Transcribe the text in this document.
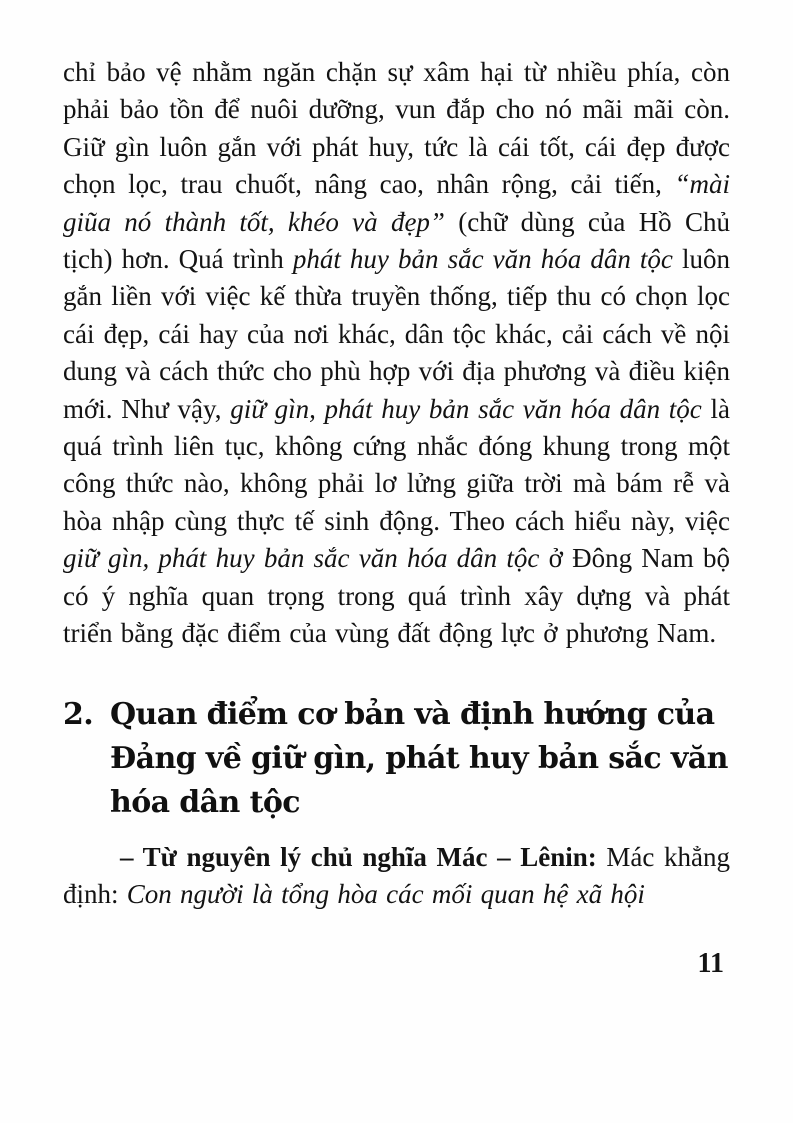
chỉ bảo vệ nhằm ngăn chặn sự xâm hại từ nhiều phía, còn phải bảo tồn để nuôi dưỡng, vun đắp cho nó mãi mãi còn. Giữ gìn luôn gắn với phát huy, tức là cái tốt, cái đẹp được chọn lọc, trau chuốt, nâng cao, nhân rộng, cải tiến, “mài giũa nó thành tốt, khéo và đẹp” (chữ dùng của Hồ Chủ tịch) hơn. Quá trình phát huy bản sắc văn hóa dân tộc luôn gắn liền với việc kế thừa truyền thống, tiếp thu có chọn lọc cái đẹp, cái hay của nơi khác, dân tộc khác, cải cách về nội dung và cách thức cho phù hợp với địa phương và điều kiện mới. Như vậy, giữ gìn, phát huy bản sắc văn hóa dân tộc là quá trình liên tục, không cứng nhắc đóng khung trong một công thức nào, không phải lơ lửng giữa trời mà bám rễ và hòa nhập cùng thực tế sinh động. Theo cách hiểu này, việc giữ gìn, phát huy bản sắc văn hóa dân tộc ở Đông Nam bộ có ý nghĩa quan trọng trong quá trình xây dựng và phát triển bằng đặc điểm của vùng đất động lực ở phương Nam.

2. Quan điểm cơ bản và định hướng của Đảng về giữ gìn, phát huy bản sắc văn hóa dân tộc

– Từ nguyên lý chủ nghĩa Mác – Lênin: Mác khẳng định: Con người là tổng hòa các mối quan hệ xã hội

11
